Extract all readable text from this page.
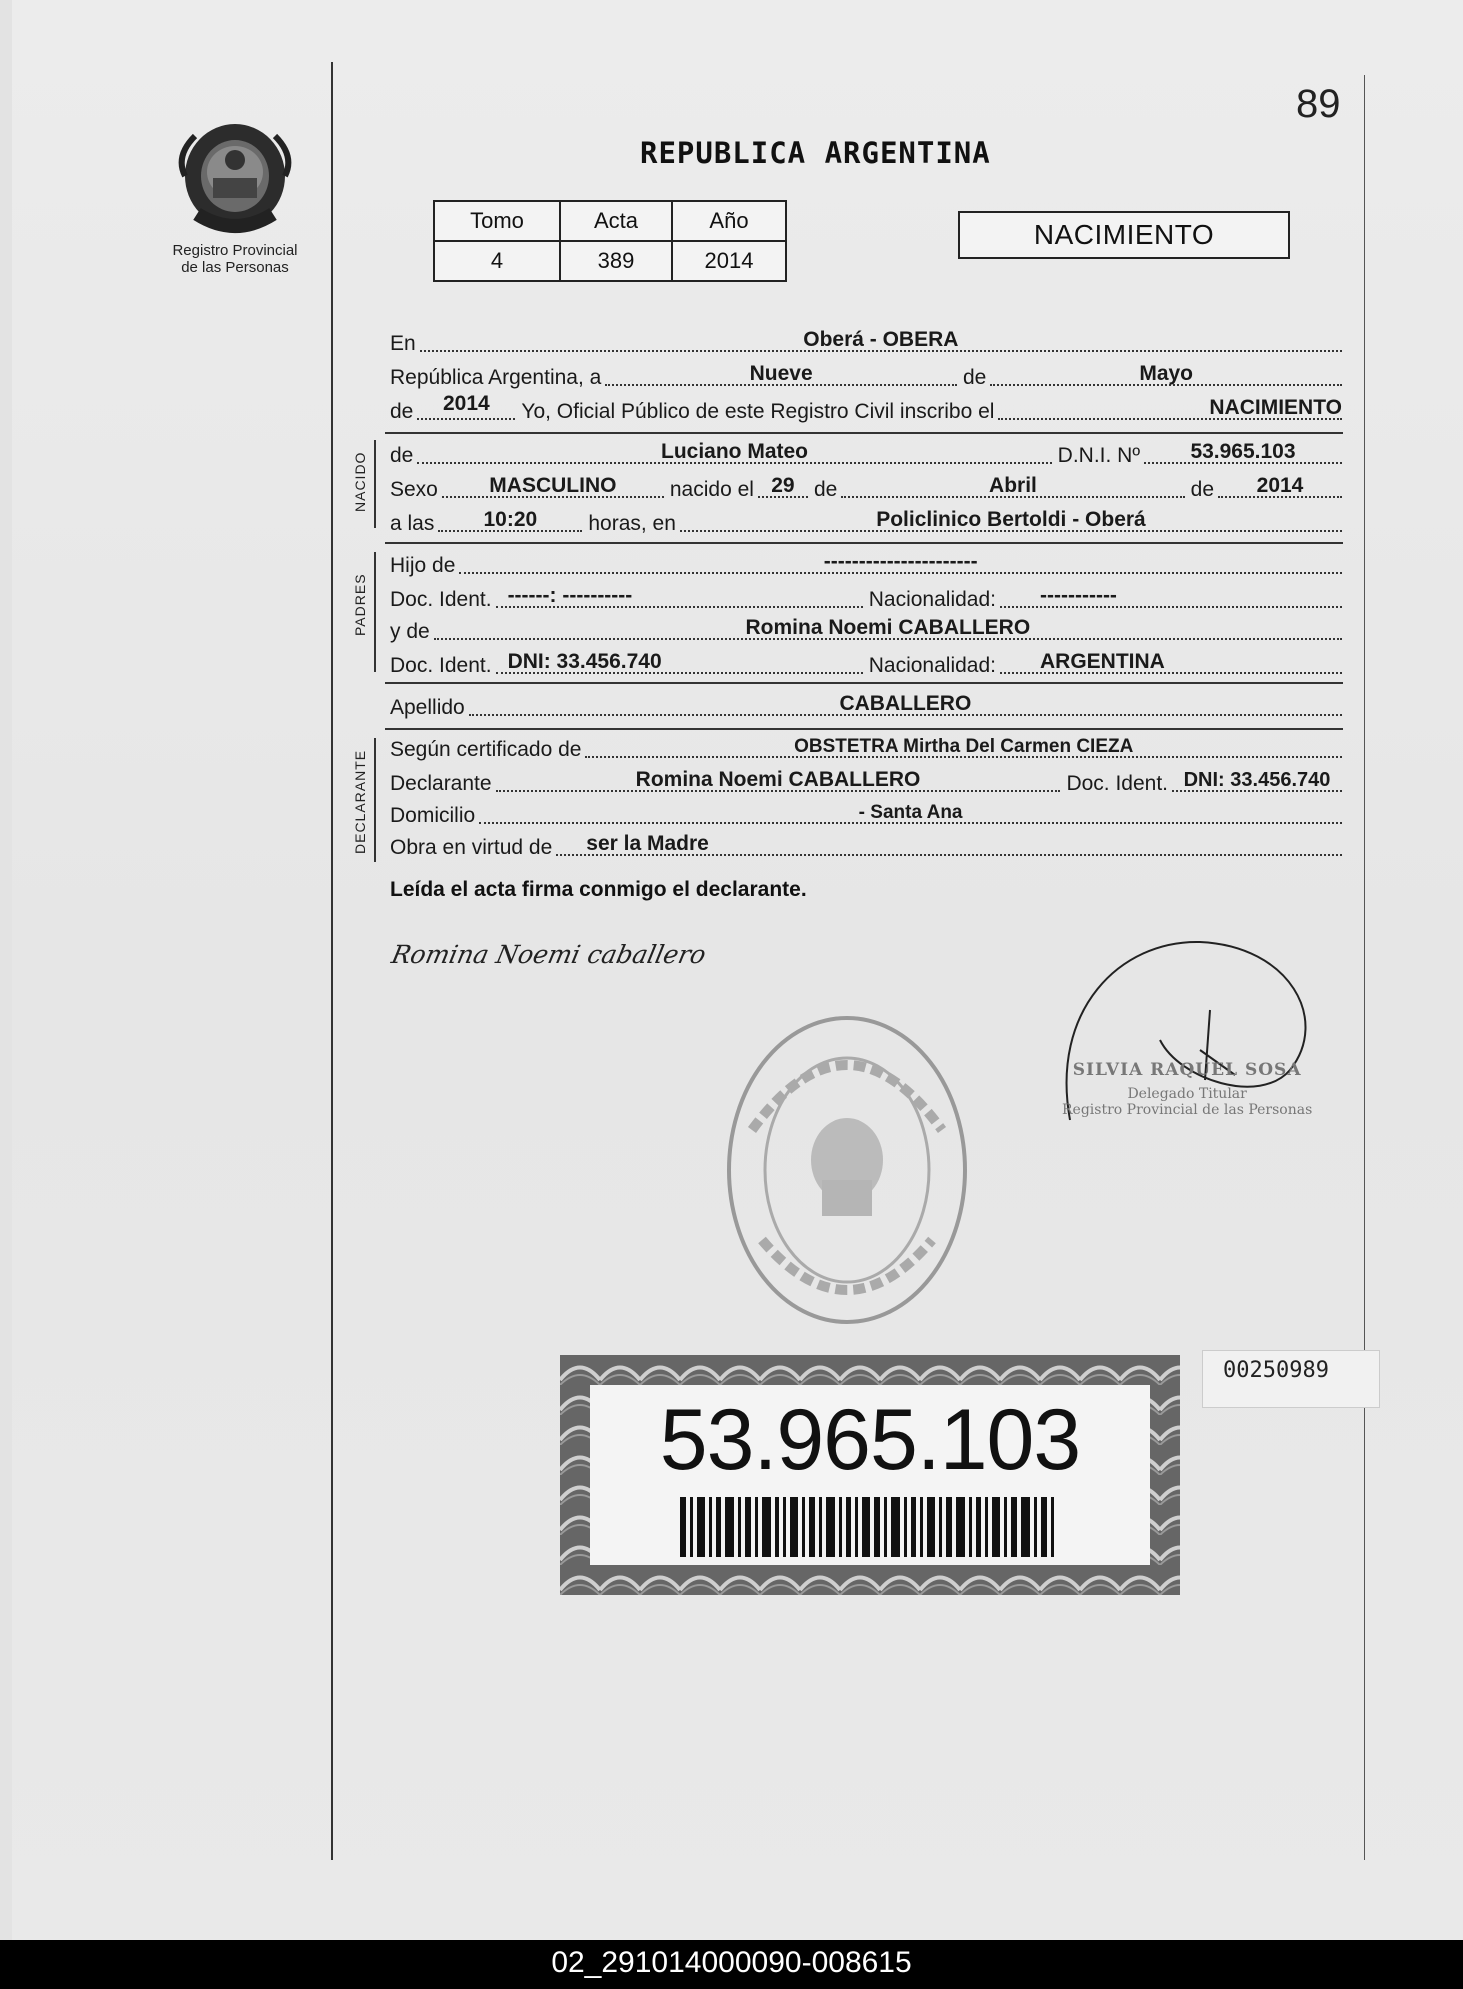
Registro Provincial
de las Personas
89
REPUBLICA ARGENTINA
Tomo	Acta	Año
4	389	2014
NACIMIENTO
En	Oberá - OBERA
República Argentina, a	Nueve	de	Mayo
de	2014	Yo, Oficial Público de este Registro Civil inscribo el	NACIMIENTO
NACIDO de	Luciano Mateo	D.N.I. Nº	53.965.103
Sexo	MASCULINO	nacido el 29 de	Abril	de	2014
a las	10:20	horas, en	Policlinico Bertoldi - Oberá
PADRES
Hijo de	----------------------
Doc. Ident. ------: ----------	Nacionalidad:	-----------
y de	Romina Noemi CABALLERO
Doc. Ident. DNI: 33.456.740	Nacionalidad:	ARGENTINA
Apellido	CABALLERO
DECLARANTE
Según certificado de	OBSTETRA Mirtha Del Carmen CIEZA
Declarante	Romina Noemi CABALLERO	Doc. Ident. DNI: 33.456.740
Domicilio	- Santa Ana
Obra en virtud de	ser la Madre
Leída el acta firma conmigo el declarante.
Romina Noemi caballero
SILVIA RAQUEL SOSA
Delegado Titular
Registro Provincial de las Personas
00250989
53.965.103
02_291014000090-008615
